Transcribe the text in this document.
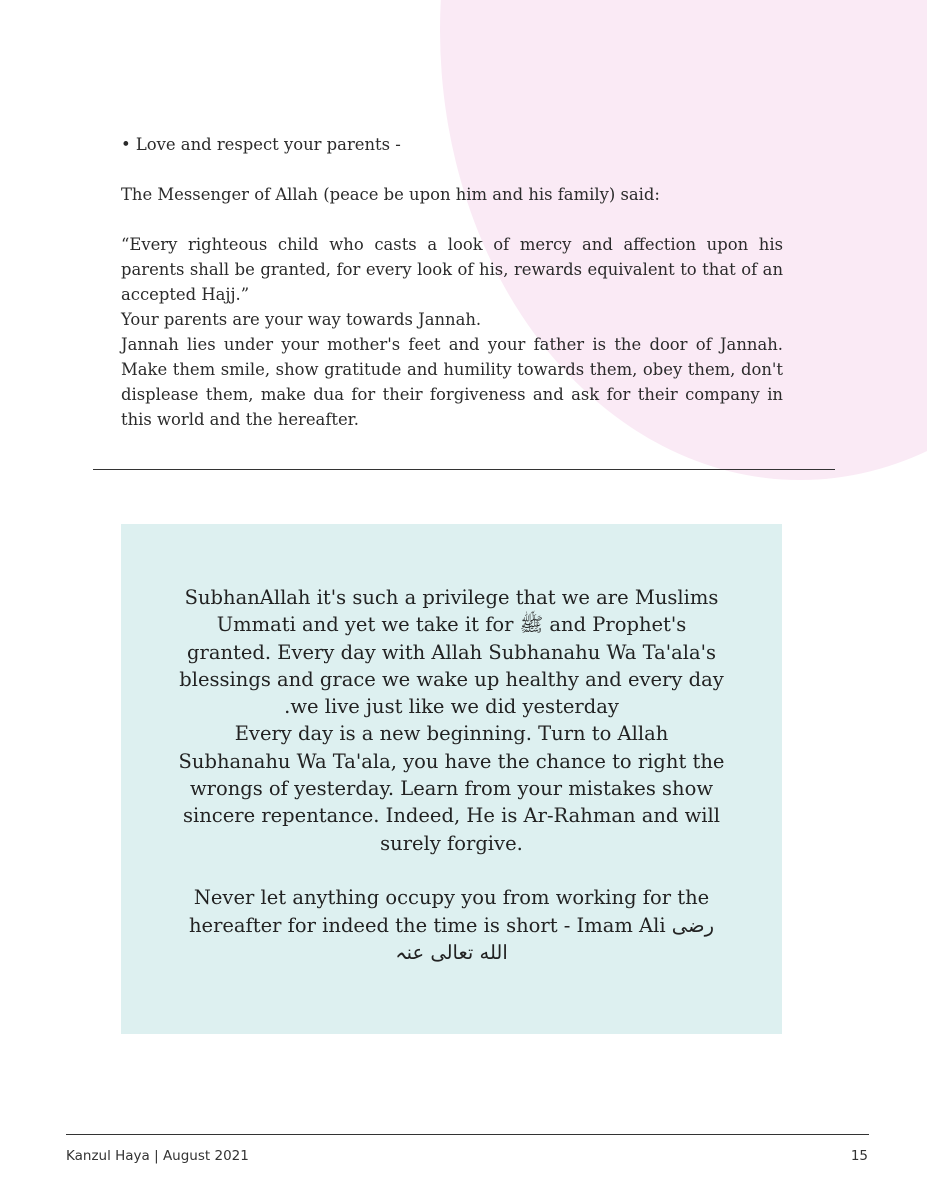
• Love and respect your parents -

The Messenger of Allah (peace be upon him and his family) said:

“Every righteous child who casts a look of mercy and affection upon his parents shall be granted, for every look of his, rewards equivalent to that of an accepted Hajj.”

Your parents are your way towards Jannah.

Jannah lies under your mother's feet and your father is the door of Jannah. Make them smile, show gratitude and humility towards them, obey them, don't displease them, make dua for their forgiveness and ask for their company in this world and the hereafter.

SubhanAllah it's such a privilege that we are Muslims

Ummati and yet we take it for ﷺ and Prophet's

granted. Every day with Allah Subhanahu Wa Ta'ala's

blessings and grace we wake up healthy and every day

.we live just like we did yesterday

Every day is a new beginning. Turn to Allah

Subhanahu Wa Ta'ala, you have the chance to right the

wrongs of yesterday. Learn from your mistakes show

sincere repentance. Indeed, He is Ar-Rahman and will

surely forgive.

Never let anything occupy you from working for the

hereafter for indeed the time is short - Imam Ali رضی

الله تعالی عنہ

Kanzul Haya | August 2021	15
